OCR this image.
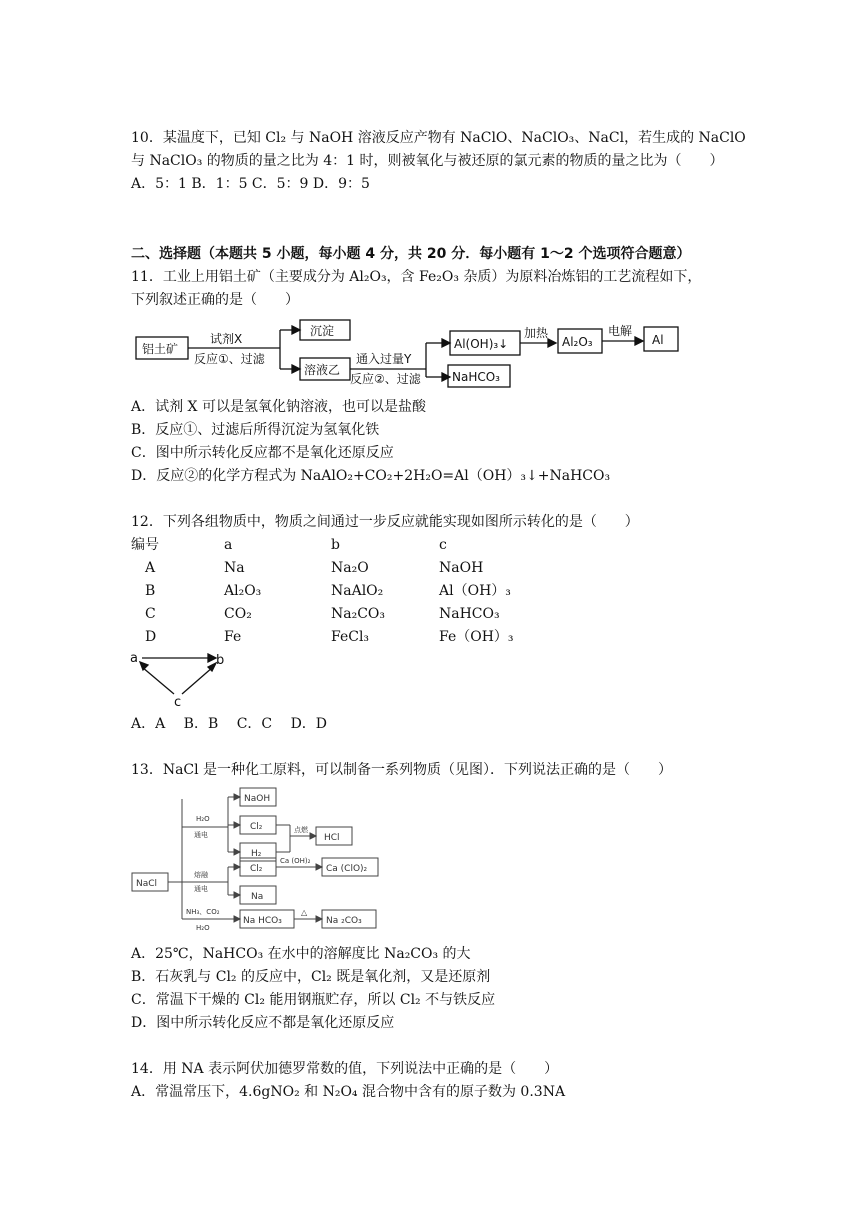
10．某温度下，已知 Cl₂ 与 NaOH 溶液反应产物有 NaClO、NaClO₃、NaCl，若生成的 NaClO
与 NaClO₃ 的物质的量之比为 4：1 时，则被氧化与被还原的氯元素的物质的量之比为（　　）
A．5：1 B．1：5 C．5：9 D．9：5
二、选择题（本题共 5 小题，每小题 4 分，共 20 分．每小题有 1～2 个选项符合题意）
11．工业上用铝土矿（主要成分为 Al₂O₃，含 Fe₂O₃ 杂质）为原料冶炼铝的工艺流程如下，
下列叙述正确的是（　　）
铝土矿
试剂X
反应①、过滤
沉淀
溶液乙
通入过量Y
反应②、过滤
Al(OH)₃↓
加热
NaHCO₃
Al₂O₃
电解
Al
A．试剂 X 可以是氢氧化钠溶液，也可以是盐酸
B．反应①、过滤后所得沉淀为氢氧化铁
C．图中所示转化反应都不是氧化还原反应
D．反应②的化学方程式为 NaAlO₂+CO₂+2H₂O=Al（OH）₃↓+NaHCO₃
12．下列各组物质中，物质之间通过一步反应就能实现如图所示转化的是（　　）
编号	a	b	c
A	Na	Na₂O	NaOH
B	Al₂O₃	NaAlO₂	Al（OH）₃
C	CO₂	Na₂CO₃	NaHCO₃
D	Fe	FeCl₃	Fe（OH）₃
a	b
c
A．A　 B．B　 C．C　 D．D
13．NaCl 是一种化工原料，可以制备一系列物质（见图）．下列说法正确的是（　　）
NaCl
H₂O
通电
NaOH
Cl₂
H₂
点燃
HCl
熔融
通电
Cl₂
Ca (OH)₂
Ca (ClO)₂
Na
NH₃、CO₂
H₂O
Na HCO₃
△
Na ₂CO₃
A．25℃，NaHCO₃ 在水中的溶解度比 Na₂CO₃ 的大
B．石灰乳与 Cl₂ 的反应中，Cl₂ 既是氧化剂，又是还原剂
C．常温下干燥的 Cl₂ 能用钢瓶贮存，所以 Cl₂ 不与铁反应
D．图中所示转化反应不都是氧化还原反应
14．用 NA 表示阿伏加德罗常数的值，下列说法中正确的是（　　）
A．常温常压下，4.6gNO₂ 和 N₂O₄ 混合物中含有的原子数为 0.3NA
